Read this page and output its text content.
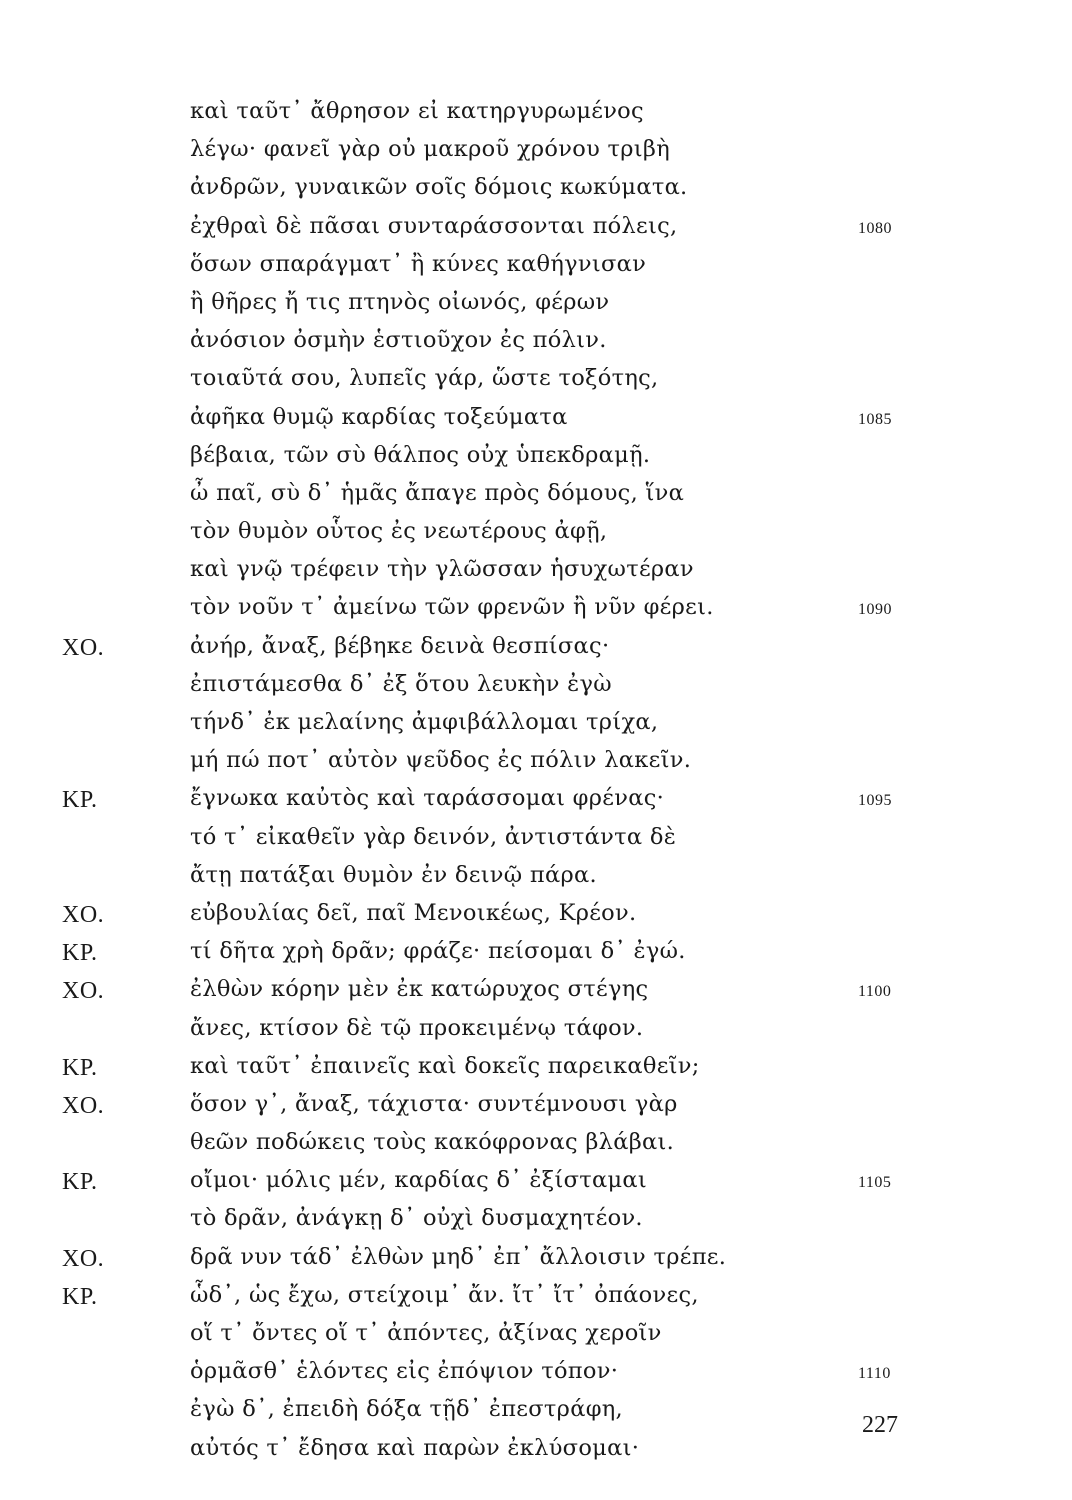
καὶ ταῦτ᾽ ἄθρησον εἰ κατηργυρωμένος
λέγω· φανεῖ γὰρ οὐ μακροῦ χρόνου τριβὴ
ἀνδρῶν, γυναικῶν σοῖς δόμοις κωκύματα.
ἐχθραὶ δὲ πᾶσαι συνταράσσονται πόλεις,	1080
ὅσων σπαράγματ᾽ ἢ κύνες καθήγνισαν
ἢ θῆρες ἤ τις πτηνὸς οἰωνός, φέρων
ἀνόσιον ὀσμὴν ἑστιοῦχον ἐς πόλιν.
τοιαῦτά σου, λυπεῖς γάρ, ὥστε τοξότης,
ἀφῆκα θυμῷ καρδίας τοξεύματα	1085
βέβαια, τῶν σὺ θάλπος οὐχ ὑπεκδραμῇ.
ὦ παῖ, σὺ δ᾽ ἡμᾶς ἄπαγε πρὸς δόμους, ἵνα
τὸν θυμὸν οὗτος ἐς νεωτέρους ἀφῇ,
καὶ γνῷ τρέφειν τὴν γλῶσσαν ἡσυχωτέραν
τὸν νοῦν τ᾽ ἀμείνω τῶν φρενῶν ἢ νῦν φέρει.	1090
ΧΟ.	ἀνήρ, ἄναξ, βέβηκε δεινὰ θεσπίσας·
ἐπιστάμεσθα δ᾽ ἐξ ὅτου λευκὴν ἐγὼ
τήνδ᾽ ἐκ μελαίνης ἀμφιβάλλομαι τρίχα,
μή πώ ποτ᾽ αὐτὸν ψεῦδος ἐς πόλιν λακεῖν.
ΚΡ.	ἔγνωκα καὐτὸς καὶ ταράσσομαι φρένας·	1095
τό τ᾽ εἰκαθεῖν γὰρ δεινόν, ἀντιστάντα δὲ
ἄτῃ πατάξαι θυμὸν ἐν δεινῷ πάρα.
ΧΟ.	εὐβουλίας δεῖ, παῖ Μενοικέως, Κρέον.
ΚΡ.	τί δῆτα χρὴ δρᾶν; φράζε· πείσομαι δ᾽ ἐγώ.
ΧΟ.	ἐλθὼν κόρην μὲν ἐκ κατώρυχος στέγης	1100
ἄνες, κτίσον δὲ τῷ προκειμένῳ τάφον.
ΚΡ.	καὶ ταῦτ᾽ ἐπαινεῖς καὶ δοκεῖς παρεικαθεῖν;
ΧΟ.	ὅσον γ᾽, ἄναξ, τάχιστα· συντέμνουσι γὰρ
θεῶν ποδώκεις τοὺς κακόφρονας βλάβαι.
ΚΡ.	οἴμοι· μόλις μέν, καρδίας δ᾽ ἐξίσταμαι	1105
τὸ δρᾶν, ἀνάγκῃ δ᾽ οὐχὶ δυσμαχητέον.
ΧΟ.	δρᾶ νυν τάδ᾽ ἐλθὼν μηδ᾽ ἐπ᾽ ἄλλοισιν τρέπε.
ΚΡ.	ὧδ᾽, ὡς ἔχω, στείχοιμ᾽ ἄν. ἴτ᾽ ἴτ᾽ ὀπάονες,
οἵ τ᾽ ὄντες οἵ τ᾽ ἀπόντες, ἀξίνας χεροῖν
ὁρμᾶσθ᾽ ἑλόντες εἰς ἐπόψιον τόπον·	1110
ἐγὼ δ᾽, ἐπειδὴ δόξα τῇδ᾽ ἐπεστράφη,
αὐτός τ᾽ ἔδησα καὶ παρὼν ἐκλύσομαι·
227
